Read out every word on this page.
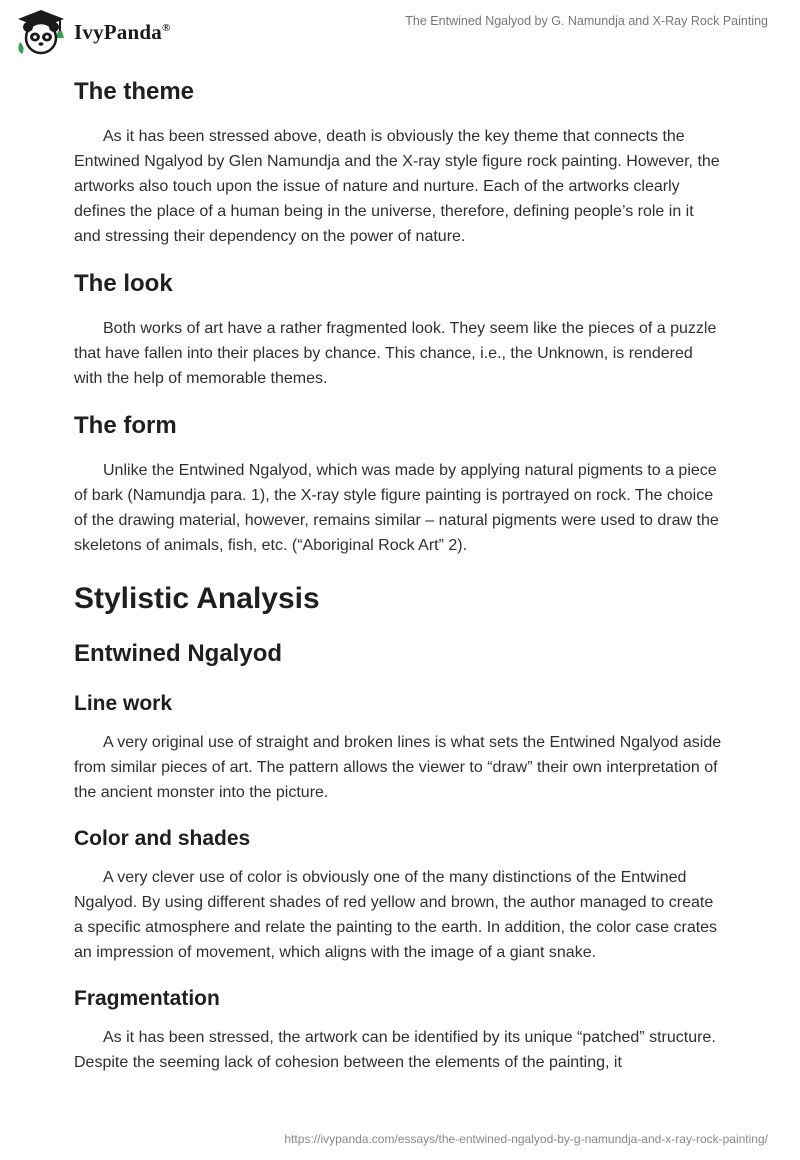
IvyPanda®	The Entwined Ngalyod by G. Namundja and X-Ray Rock Painting
The theme

As it has been stressed above, death is obviously the key theme that connects the Entwined Ngalyod by Glen Namundja and the X-ray style figure rock painting. However, the artworks also touch upon the issue of nature and nurture. Each of the artworks clearly defines the place of a human being in the universe, therefore, defining people’s role in it and stressing their dependency on the power of nature.

The look

Both works of art have a rather fragmented look. They seem like the pieces of a puzzle that have fallen into their places by chance. This chance, i.e., the Unknown, is rendered with the help of memorable themes.

The form

Unlike the Entwined Ngalyod, which was made by applying natural pigments to a piece of bark (Namundja para. 1), the X-ray style figure painting is portrayed on rock. The choice of the drawing material, however, remains similar – natural pigments were used to draw the skeletons of animals, fish, etc. (“Aboriginal Rock Art” 2).

Stylistic Analysis
Entwined Ngalyod
Line work

A very original use of straight and broken lines is what sets the Entwined Ngalyod aside from similar pieces of art. The pattern allows the viewer to “draw” their own interpretation of the ancient monster into the picture.

Color and shades

A very clever use of color is obviously one of the many distinctions of the Entwined Ngalyod. By using different shades of red yellow and brown, the author managed to create a specific atmosphere and relate the painting to the earth. In addition, the color case crates an impression of movement, which aligns with the image of a giant snake.

Fragmentation

As it has been stressed, the artwork can be identified by its unique “patched” structure. Despite the seeming lack of cohesion between the elements of the painting, it

https://ivypanda.com/essays/the-entwined-ngalyod-by-g-namundja-and-x-ray-rock-painting/
